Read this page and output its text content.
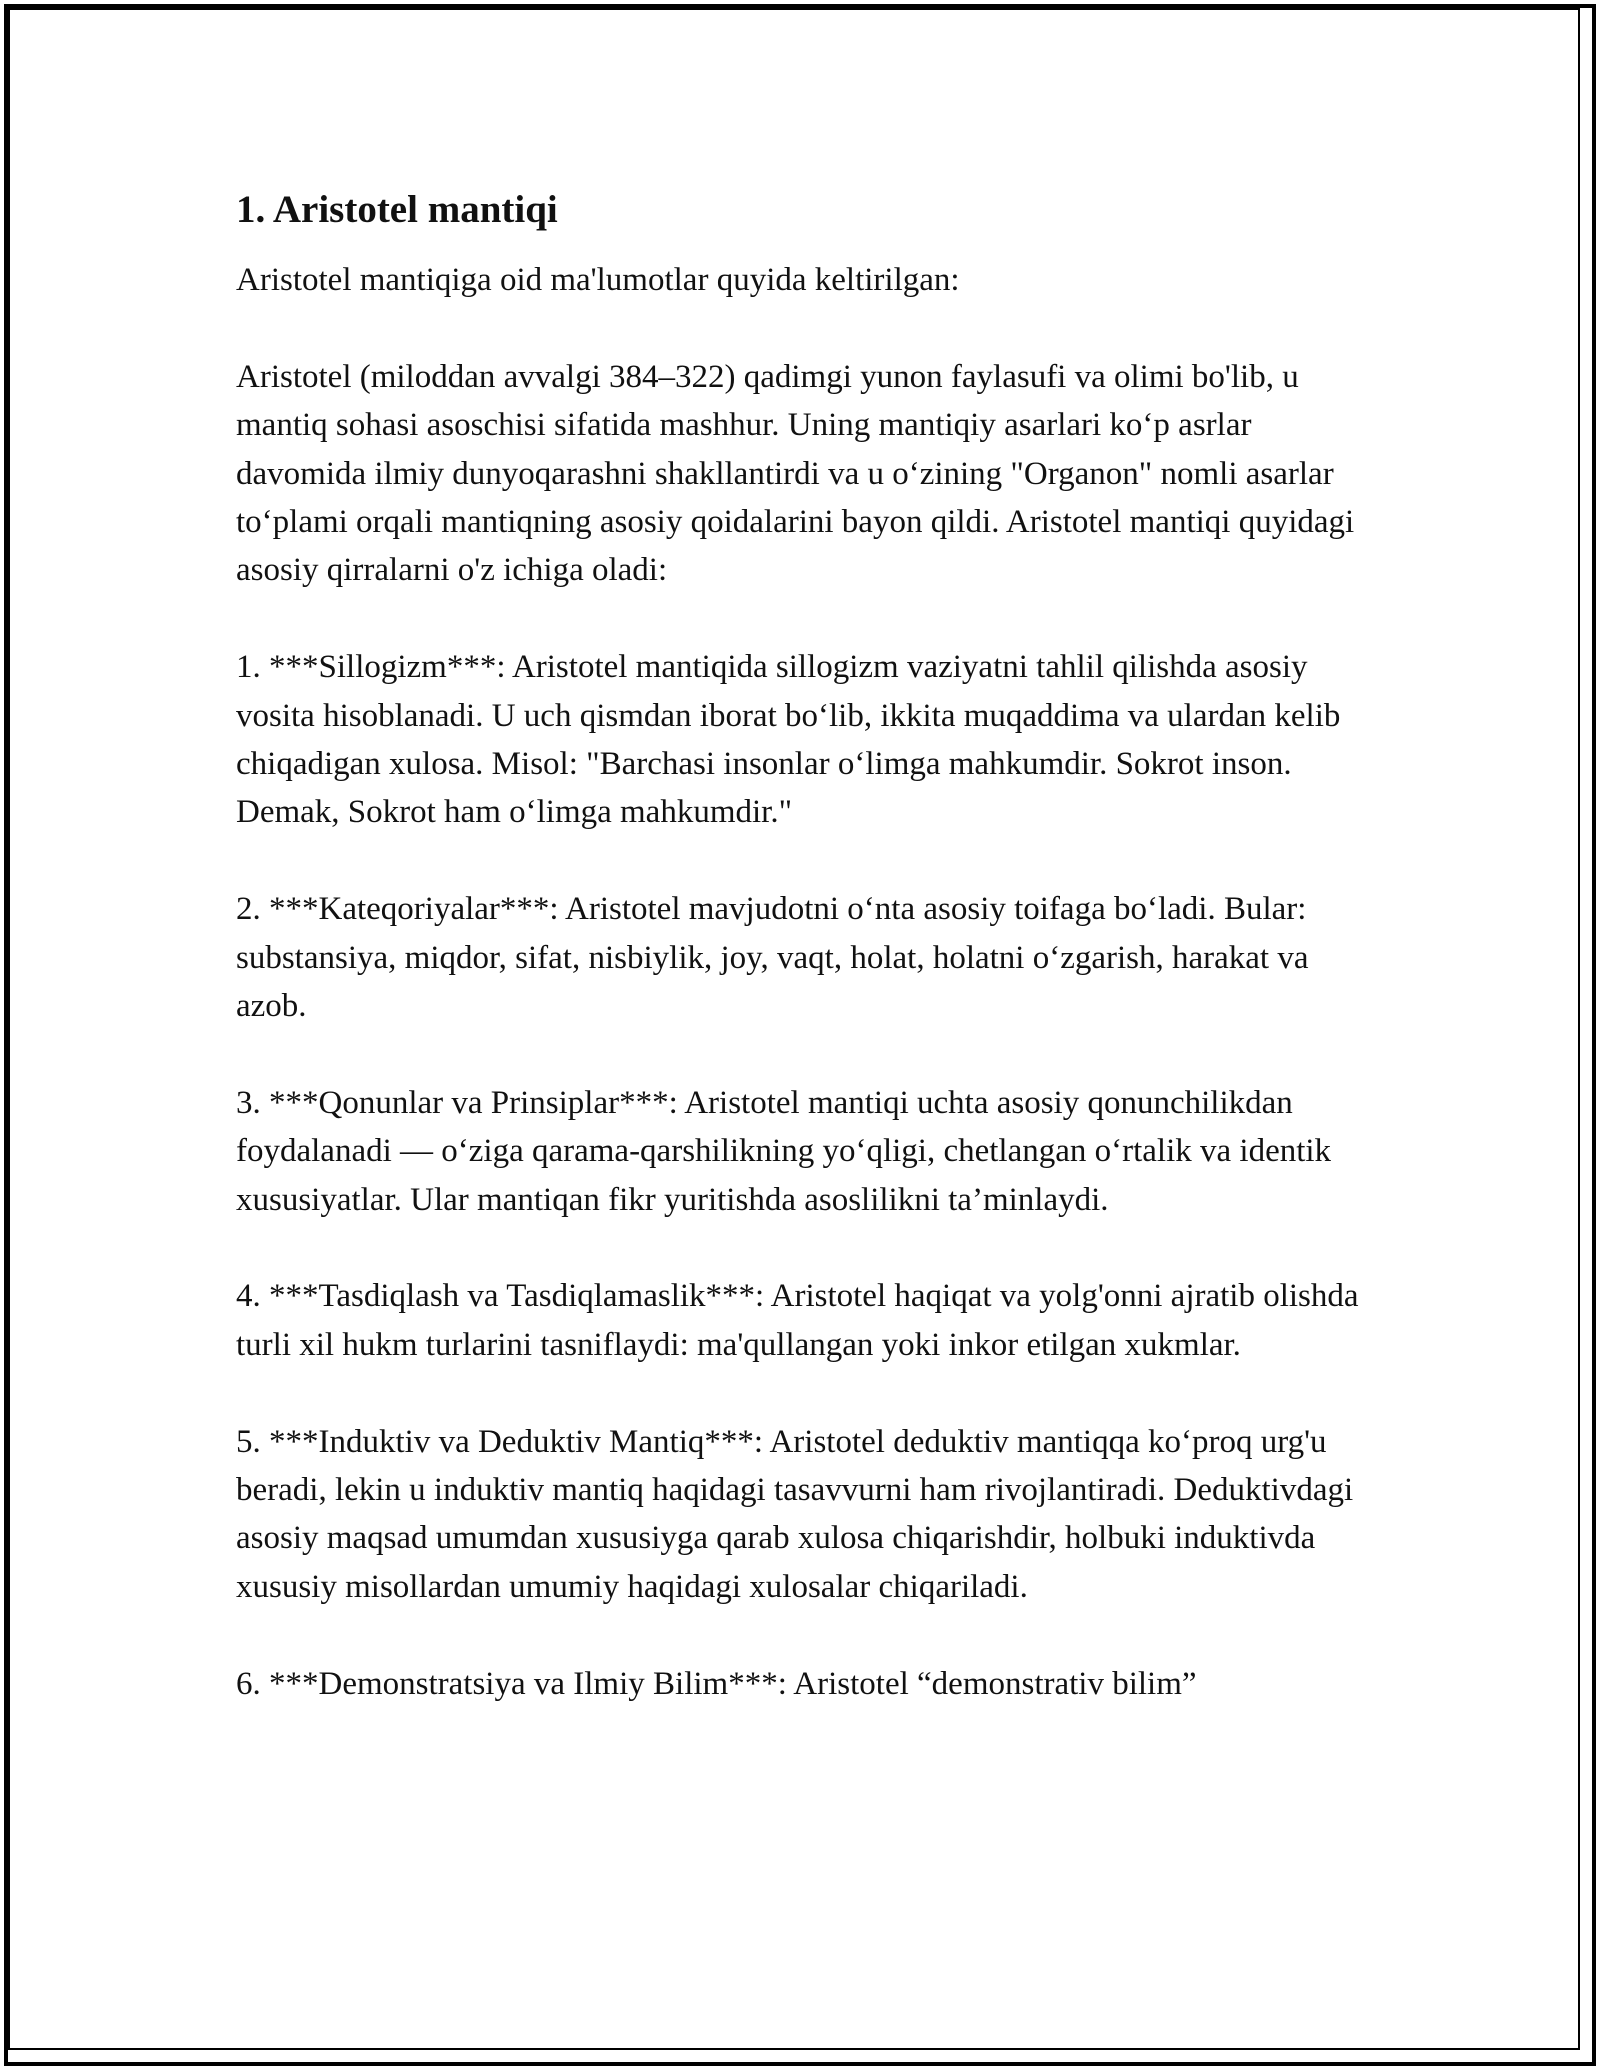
1. Aristotel mantiqi

Aristotel mantiqiga oid ma'lumotlar quyida keltirilgan:

Aristotel (miloddan avvalgi 384–322) qadimgi yunon faylasufi va olimi bo'lib, u mantiq sohasi asoschisi sifatida mashhur. Uning mantiqiy asarlari ko‘p asrlar davomida ilmiy dunyoqarashni shakllantirdi va u o‘zining "Organon" nomli asarlar to‘plami orqali mantiqning asosiy qoidalarini bayon qildi. Aristotel mantiqi quyidagi asosiy qirralarni o'z ichiga oladi:

1. ***Sillogizm***: Aristotel mantiqida sillogizm vaziyatni tahlil qilishda asosiy vosita hisoblanadi. U uch qismdan iborat bo‘lib, ikkita muqaddima va ulardan kelib chiqadigan xulosa. Misol: "Barchasi insonlar o‘limga mahkumdir. Sokrot inson. Demak, Sokrot ham o‘limga mahkumdir."

2. ***Kateqoriyalar***: Aristotel mavjudotni o‘nta asosiy toifaga bo‘ladi. Bular: substansiya, miqdor, sifat, nisbiylik, joy, vaqt, holat, holatni o‘zgarish, harakat va azob.

3. ***Qonunlar va Prinsiplar***: Aristotel mantiqi uchta asosiy qonunchilikdan foydalanadi — o‘ziga qarama-qarshilikning yo‘qligi, chetlangan o‘rtalik va identik xususiyatlar. Ular mantiqan fikr yuritishda asoslilikni ta’minlaydi.

4. ***Tasdiqlash va Tasdiqlamaslik***: Aristotel haqiqat va yolg'onni ajratib olishda turli xil hukm turlarini tasniflaydi: ma'qullangan yoki inkor etilgan xukmlar.

5. ***Induktiv va Deduktiv Mantiq***: Aristotel deduktiv mantiqqa ko‘proq urg'u beradi, lekin u induktiv mantiq haqidagi tasavvurni ham rivojlantiradi. Deduktivdagi asosiy maqsad umumdan xususiyga qarab xulosa chiqarishdir, holbuki induktivda xususiy misollardan umumiy haqidagi xulosalar chiqariladi.

6. ***Demonstratsiya va Ilmiy Bilim***: Aristotel “demonstrativ bilim”
